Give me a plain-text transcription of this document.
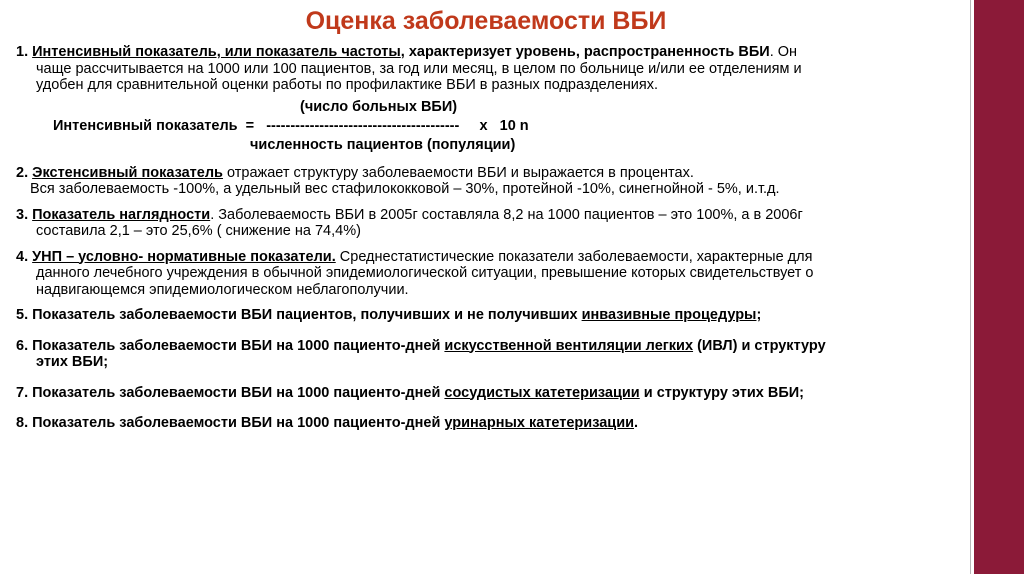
Оценка заболеваемости ВБИ
1. Интенсивный показатель, или показатель частоты, характеризует уровень, распространенность ВБИ. Он
чаще рассчитывается на 1000 или 100 пациентов, за год или месяц, в целом по больнице и/или ее отделениям и
удобен для сравнительной оценки работы по профилактике ВБИ в разных подразделениях.
(число больных ВБИ)
Интенсивный показатель  = ---------------------------------------- х   10 n
численность пациентов (популяции)
2. Экстенсивный показатель отражает структуру заболеваемости ВБИ и выражается в процентах.
Вся заболеваемость -100%, а удельный вес стафилококковой – 30%, протейной -10%, синегнойной - 5%, и.т.д.
3. Показатель наглядности. Заболеваемость ВБИ в 2005г составляла 8,2 на 1000 пациентов – это 100%, а в 2006г
составила 2,1 – это 25,6% ( снижение на 74,4%)
4. УНП – условно- нормативные показатели. Среднестатистические показатели заболеваемости, характерные для
данного лечебного учреждения в обычной эпидемиологической ситуации, превышение которых свидетельствует о
надвигающемся эпидемиологическом неблагополучии.
5. Показатель заболеваемости ВБИ пациентов, получивших и не получивших инвазивные процедуры;
6. Показатель заболеваемости ВБИ на 1000 пациенто-дней искусственной вентиляции легких (ИВЛ) и структуру
этих ВБИ;
7. Показатель заболеваемости ВБИ на 1000 пациенто-дней сосудистых катетеризации и структуру этих ВБИ;
8. Показатель заболеваемости ВБИ на 1000 пациенто-дней уринарных катетеризации.
